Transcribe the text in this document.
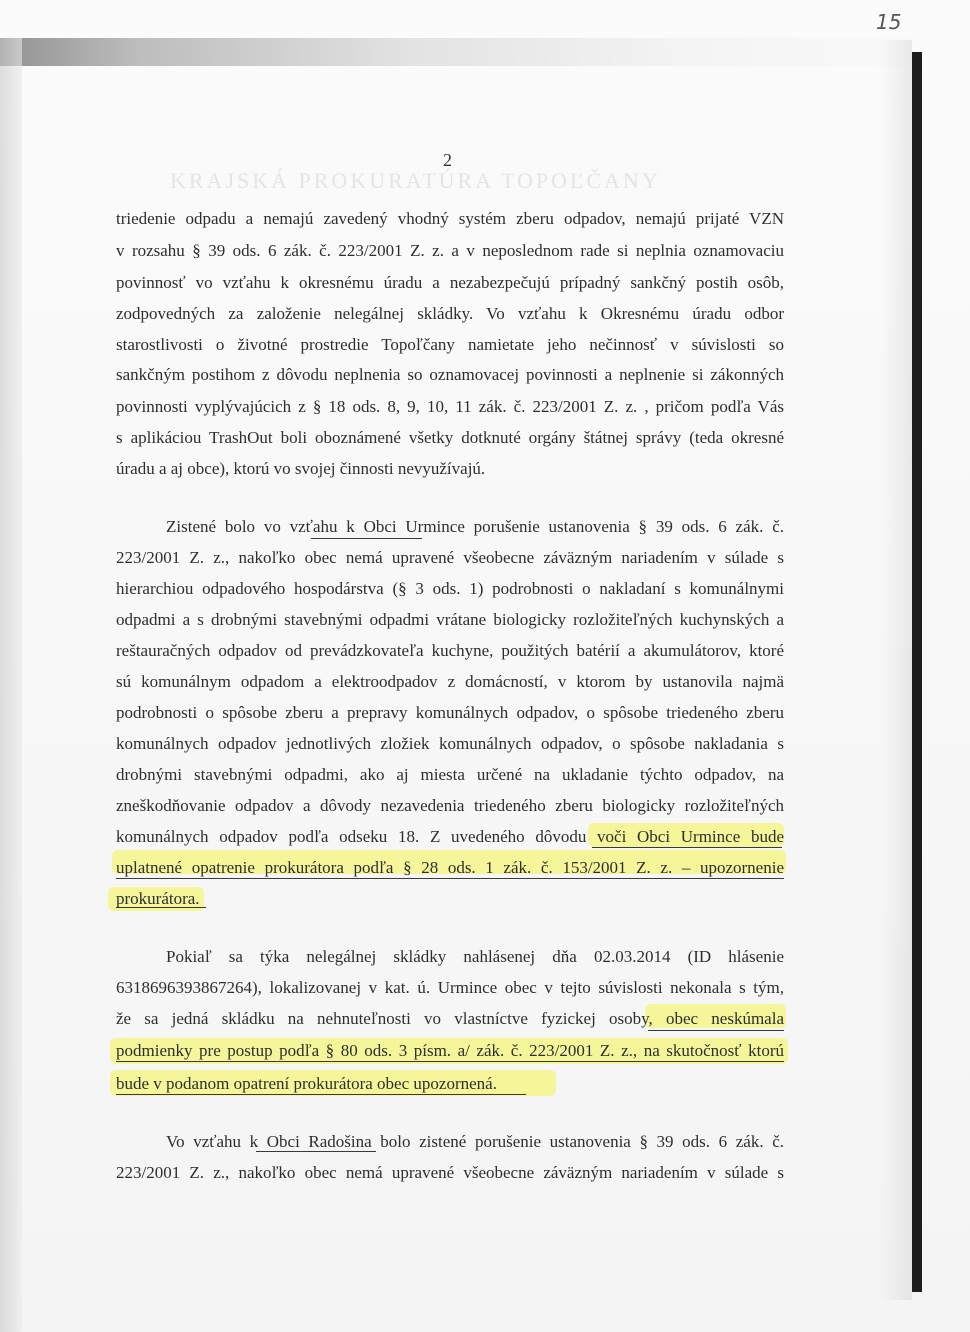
KRAJSKÁ PROKURATÚRA TOPOĽČANY
15
2
triedenie odpadu a nemajú zavedený vhodný systém zberu odpadov, nemajú prijaté VZN
v rozsahu § 39 ods. 6 zák. č. 223/2001 Z. z. a v neposlednom rade si neplnia oznamovaciu
povinnosť vo vzťahu k okresnému úradu a nezabezpečujú prípadný sankčný postih osôb,
zodpovedných za založenie nelegálnej skládky. Vo vzťahu k Okresnému úradu odbor
starostlivosti o životné prostredie Topoľčany namietate jeho nečinnosť v súvislosti so
sankčným postihom z dôvodu neplnenia so oznamovacej povinnosti a neplnenie si zákonných
povinnosti vyplývajúcich z § 18 ods. 8, 9, 10, 11 zák. č. 223/2001 Z. z. , pričom podľa Vás
s aplikáciou TrashOut boli oboznámené všetky dotknuté orgány štátnej správy (teda okresné
úradu a aj obce), ktorú vo svojej činnosti nevyužívajú.
Zistené bolo vo vzťahu k Obci Urmince porušenie ustanovenia § 39 ods. 6 zák. č.
223/2001 Z. z., nakoľko obec nemá upravené všeobecne záväzným nariadením v súlade s
hierarchiou odpadového hospodárstva (§ 3 ods. 1) podrobnosti o nakladaní s komunálnymi
odpadmi a s drobnými stavebnými odpadmi vrátane biologicky rozložiteľných kuchynských a
reštauračných odpadov od prevádzkovateľa kuchyne, použitých batérií a akumulátorov, ktoré
sú komunálnym odpadom a elektroodpadov z domácností, v ktorom by ustanovila najmä
podrobnosti o spôsobe zberu a prepravy komunálnych odpadov, o spôsobe triedeného zberu
komunálnych odpadov jednotlivých zložiek komunálnych odpadov, o spôsobe nakladania s
drobnými stavebnými odpadmi, ako aj miesta určené na ukladanie týchto odpadov, na
zneškodňovanie odpadov a dôvody nezavedenia triedeného zberu biologicky rozložiteľných
komunálnych odpadov podľa odseku 18. Z uvedeného dôvodu voči Obci Urmince bude
uplatnené opatrenie prokurátora podľa § 28 ods. 1 zák. č. 153/2001 Z. z. – upozornenie
prokurátora.
Pokiaľ sa týka nelegálnej skládky nahlásenej dňa 02.03.2014 (ID hlásenie
6318696393867264), lokalizovanej v kat. ú. Urmince obec v tejto súvislosti nekonala s tým,
že sa jedná skládku na nehnuteľnosti vo vlastníctve fyzickej osoby, obec neskúmala
podmienky pre postup podľa § 80 ods. 3 písm. a/ zák. č. 223/2001 Z. z., na skutočnosť ktorú
bude v podanom opatrení prokurátora obec upozornená.
Vo vzťahu k Obci Radošina bolo zistené porušenie ustanovenia § 39 ods. 6 zák. č.
223/2001 Z. z., nakoľko obec nemá upravené všeobecne záväzným nariadením v súlade s
